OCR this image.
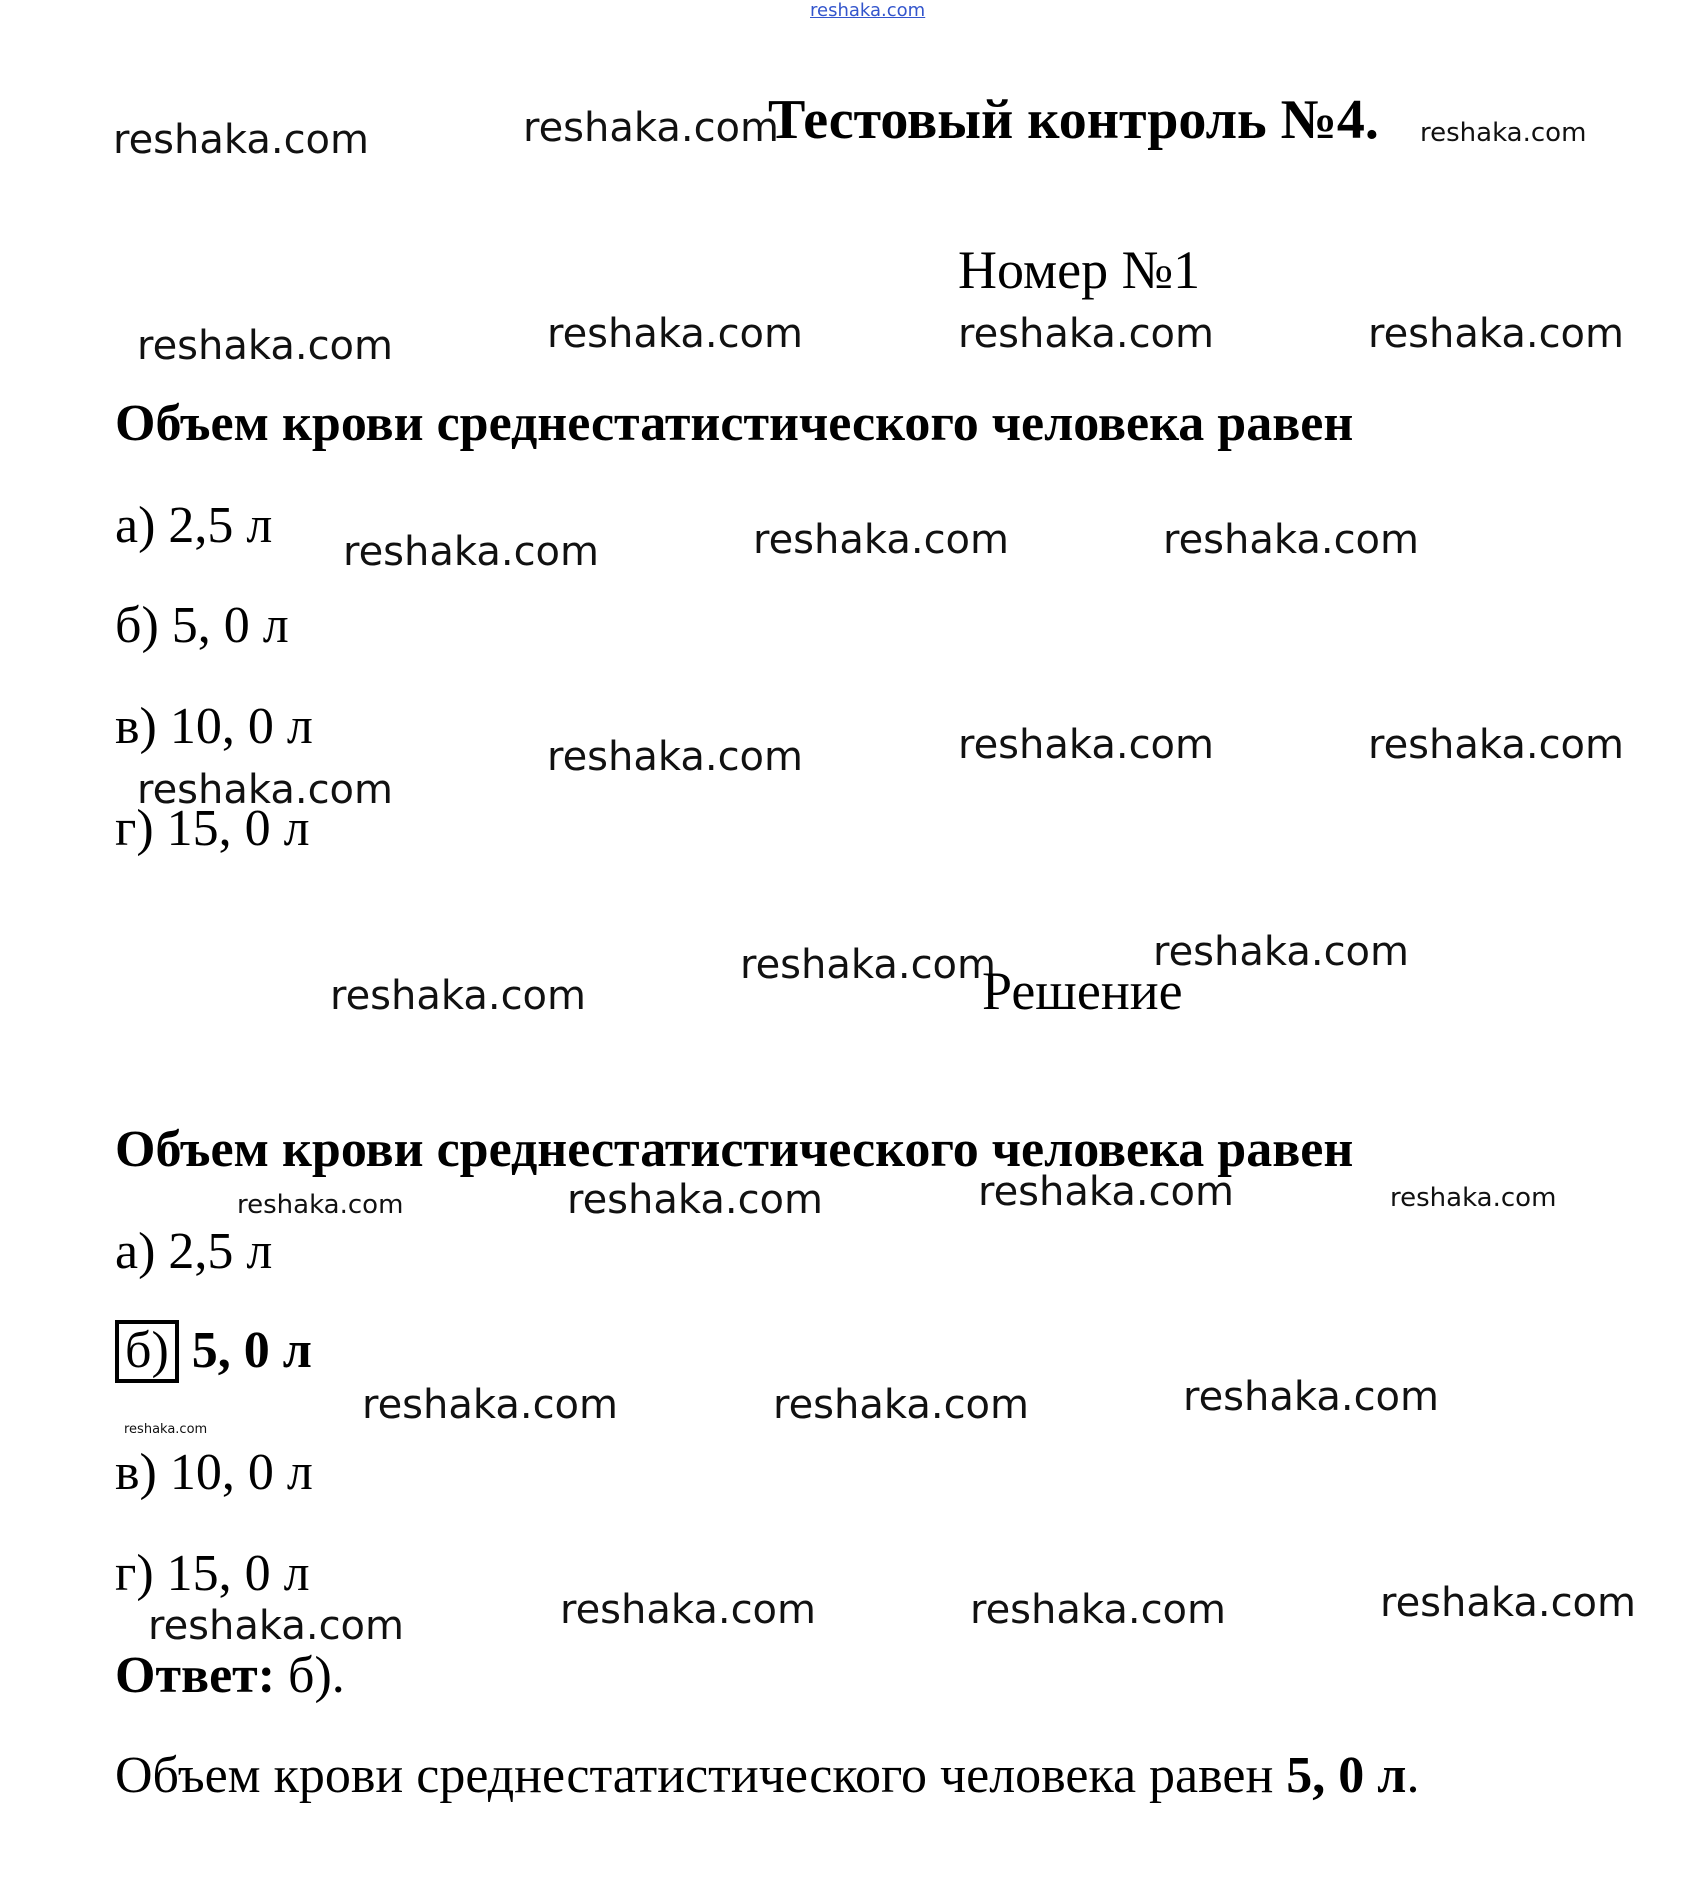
reshaka.com
reshaka.com	reshaka.com	reshaka.com
reshaka.com	reshaka.com	reshaka.com	reshaka.com
reshaka.com	reshaka.com	reshaka.com
reshaka.com	reshaka.com	reshaka.com
reshaka.com
reshaka.com
reshaka.com	reshaka.com
reshaka.com	reshaka.com	reshaka.com	reshaka.com
reshaka.com
reshaka.com	reshaka.com	reshaka.com
reshaka.com	reshaka.com	reshaka.com	reshaka.com
Тестовый контроль №4.
Номер №1
Объем крови среднестатистического человека равен
а) 2,5 л
б) 5, 0 л
в) 10, 0 л
г) 15, 0 л
Решение
Объем крови среднестатистического человека равен
а) 2,5 л
б) 5, 0 л
в) 10, 0 л
г) 15, 0 л
Ответ: б).
Объем крови среднестатистического человека равен 5, 0 л.
